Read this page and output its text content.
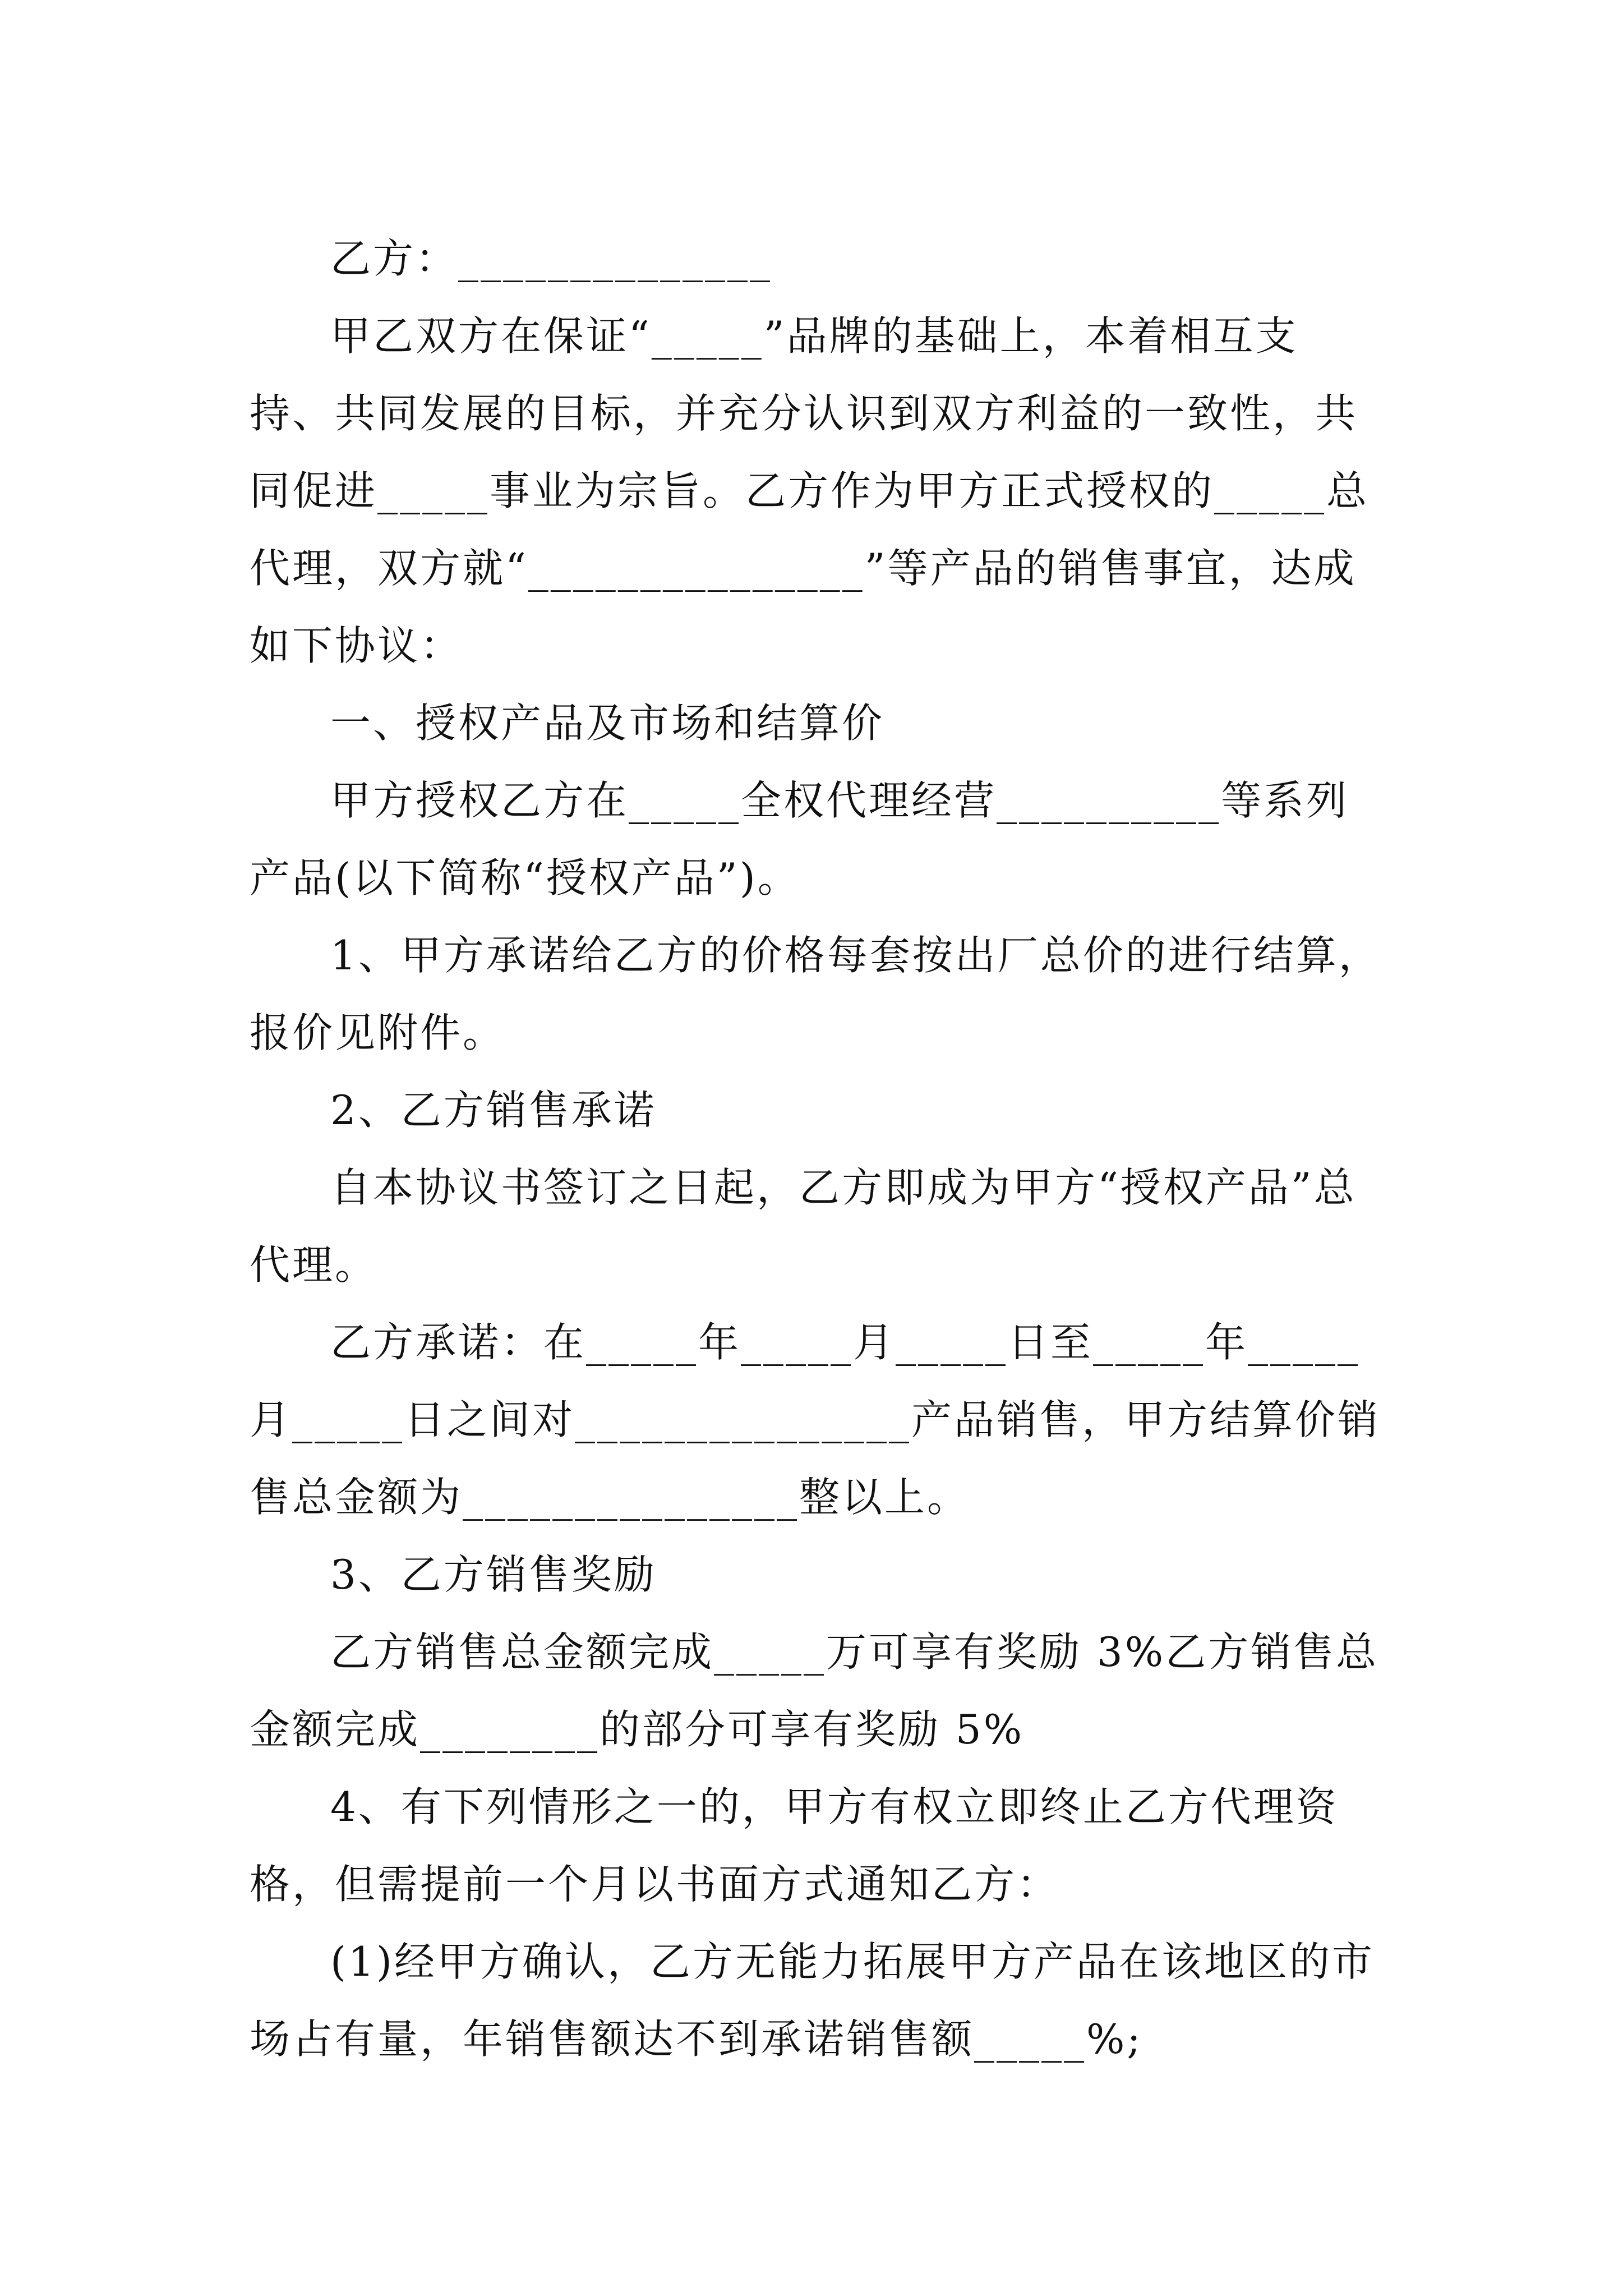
乙方：______________

甲乙双方在保证“_____”品牌的基础上，本着相互支持、共同发展的目标，并充分认识到双方利益的一致性，共同促进_____事业为宗旨。乙方作为甲方正式授权的_____总代理，双方就“_______________”等产品的销售事宜，达成如下协议：

一、授权产品及市场和结算价

甲方授权乙方在_____全权代理经营__________等系列产品(以下简称“授权产品”)。

1、甲方承诺给乙方的价格每套按出厂总价的进行结算，报价见附件。

2、乙方销售承诺

自本协议书签订之日起，乙方即成为甲方“授权产品”总代理。

乙方承诺：在_____年_____月_____日至_____年_____月_____日之间对_______________产品销售，甲方结算价销售总金额为_______________整以上。

3、乙方销售奖励

乙方销售总金额完成_____万可享有奖励 3%乙方销售总金额完成________的部分可享有奖励 5%

4、有下列情形之一的，甲方有权立即终止乙方代理资格，但需提前一个月以书面方式通知乙方：

(1)经甲方确认，乙方无能力拓展甲方产品在该地区的市场占有量，年销售额达不到承诺销售额_____%;
